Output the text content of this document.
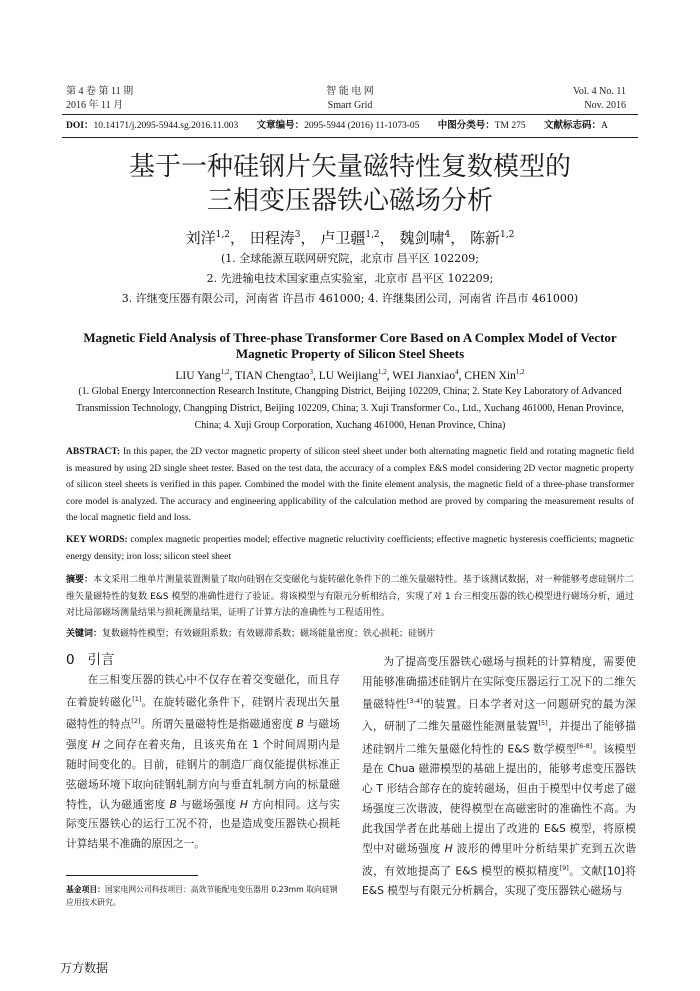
第 4 卷 第 11 期
2016 年 11 月
智 能 电 网
Smart Grid
Vol. 4 No. 11
Nov. 2016
DOI：10.14171/j.2095-5944.sg.2016.11.003 文章编号：2095-5944 (2016) 11-1073-05 中图分类号：TM 275 文献标志码：A
基于一种硅钢片矢量磁特性复数模型的
三相变压器铁心磁场分析
刘洋$^{1,2}$， 田程涛$^3$， 卢卫疆$^{1,2}$， 魏剑啸$^4$， 陈新$^{1,2}$
(1. 全球能源互联网研究院，北京市 昌平区 102209;
2. 先进输电技术国家重点实验室，北京市 昌平区 102209;
3. 许继变压器有限公司，河南省 许昌市 461000; 4. 许继集团公司，河南省 许昌市 461000)
Magnetic Field Analysis of Three-phase Transformer Core Based on A Complex Model of Vector Magnetic Property of Silicon Steel Sheets
LIU Yang$^{1,2}$, TIAN Chengtao$^3$, LU Weijiang$^{1,2}$, WEI Jianxiao$^4$, CHEN Xin$^{1,2}$
(1. Global Energy Interconnection Research Institute, Changping District, Beijing 102209, China; 2. State Key Laboratory of Advanced Transmission Technology, Changping District, Beijing 102209, China; 3. Xuji Transformer Co., Ltd., Xuchang 461000, Henan Province, China; 4. Xuji Group Corporation, Xuchang 461000, Henan Province, China)
ABSTRACT: In this paper, the 2D vector magnetic property of silicon steel sheet under both alternating magnetic field and rotating magnetic field is measured by using 2D single sheet tester. Based on the test data, the accuracy of a complex E&S model considering 2D vector magnetic property of silicon steel sheets is verified in this paper. Combined the model with the finite element analysis, the magnetic field of a three-phase transformer core model is analyzed. The accuracy and engineering applicability of the calculation method are proved by comparing the measurement results of the local magnetic field and loss.
KEY WORDS: complex magnetic properties model; effective magnetic reluctivity coefficients; effective magnetic hysteresis coefficients; magnetic energy density; iron loss; silicon steel sheet
摘要：本文采用二维单片测量装置测量了取向硅钢在交变磁化与旋转磁化条件下的二维矢量磁特性。基于该测试数据，对一种能够考虑硅钢片二维矢量磁特性的复数 E&S 模型的准确性进行了验证。将该模型与有限元分析相结合，实现了对 1 台三相变压器的铁心模型进行磁场分析，通过对比局部磁场测量结果与损耗测量结果，证明了计算方法的准确性与工程适用性。
关键词：复数磁特性模型；有效磁阻系数；有效磁滞系数；磁场能量密度；铁心损耗；硅钢片
0 引言

在三相变压器的铁心中不仅存在着交变磁化，而且存在着旋转磁化[1]。在旋转磁化条件下，硅钢片表现出矢量磁特性的特点[2]。所谓矢量磁特性是指磁通密度 B 与磁场强度 H 之间存在着夹角，且该夹角在 1 个时间周期内是随时间变化的。目前，硅钢片的制造厂商仅能提供标准正弦磁场环境下取向硅钢轧制方向与垂直轧制方向的标量磁特性，认为磁通密度 B 与磁场强度 H 方向相同。这与实际变压器铁心的运行工况不符，也是造成变压器铁心损耗计算结果不准确的原因之一。

为了提高变压器铁心磁场与损耗的计算精度，需要使用能够准确描述硅钢片在实际变压器运行工况下的二维矢量磁特性[3-4]的装置。日本学者对这一问题研究的最为深入，研制了二维矢量磁性能测量装置[5]，并提出了能够描述硅钢片二维矢量磁化特性的 E&S 数学模型[6-8]。该模型是在 Chua 磁滞模型的基础上提出的，能够考虑变压器铁心 T 形结合部存在的旋转磁场，但由于模型中仅考虑了磁场强度三次谐波，使得模型在高磁密时的准确性不高。为此我国学者在此基础上提出了改进的 E&S 模型，将原模型中对磁场强度 H 波形的傅里叶分析结果扩充到五次谐波，有效地提高了 E&S 模型的模拟精度[9]。文献[10]将 E&S 模型与有限元分析耦合，实现了变压器铁心磁场与

基金项目：国家电网公司科技项目：高效节能配电变压器用 0.23mm 取向硅钢应用技术研究。
万方数据
